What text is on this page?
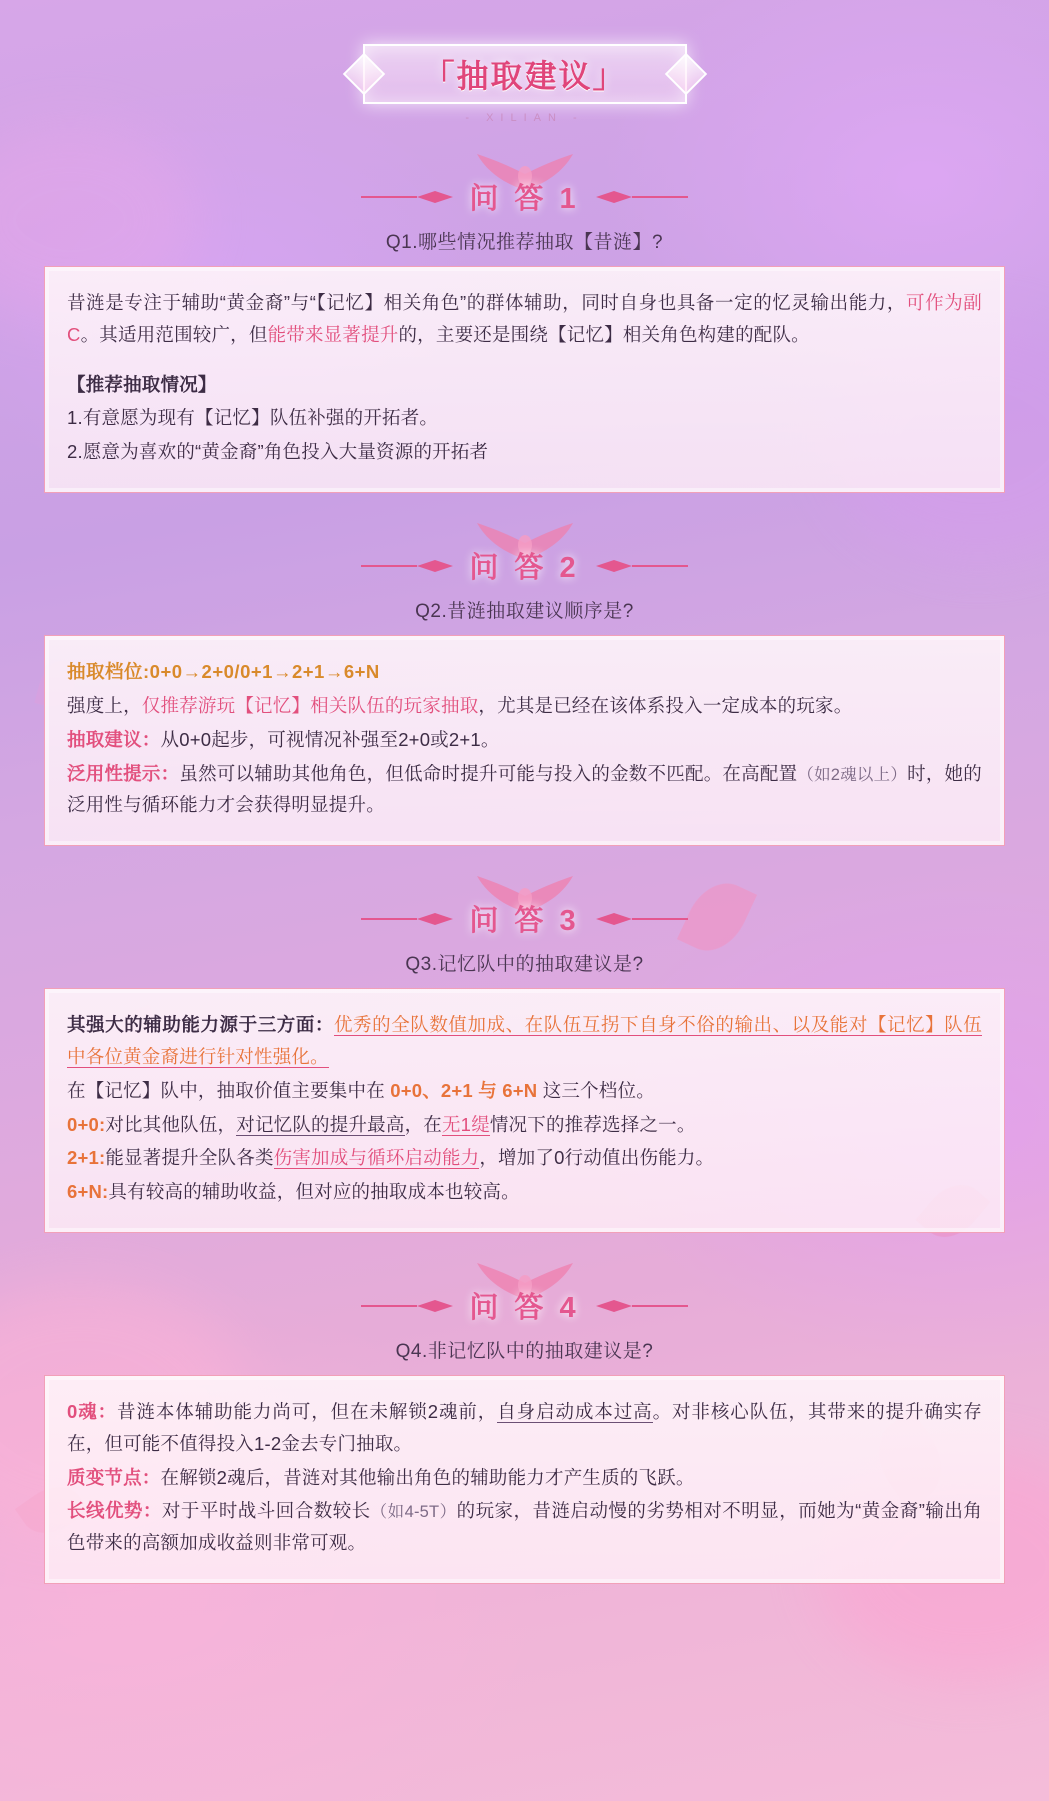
「抽取建议」
- XILIAN -
问 答 1
Q1.哪些情况推荐抽取【昔涟】?

昔涟是专注于辅助“黄金裔”与“【记忆】相关角色”的群体辅助，同时自身也具备一定的忆灵输出能力，可作为副C。其适用范围较广，但能带来显著提升的，主要还是围绕【记忆】相关角色构建的配队。

【推荐抽取情况】

1.有意愿为现有【记忆】队伍补强的开拓者。

2.愿意为喜欢的“黄金裔”角色投入大量资源的开拓者

问 答 2
Q2.昔涟抽取建议顺序是?

抽取档位:0+0→2+0/0+1→2+1→6+N

强度上，仅推荐游玩【记忆】相关队伍的玩家抽取，尤其是已经在该体系投入一定成本的玩家。

抽取建议：从0+0起步，可视情况补强至2+0或2+1。

泛用性提示：虽然可以辅助其他角色，但低命时提升可能与投入的金数不匹配。在高配置（如2魂以上）时，她的泛用性与循环能力才会获得明显提升。

问 答 3
Q3.记忆队中的抽取建议是?

其强大的辅助能力源于三方面：优秀的全队数值加成、在队伍互拐下自身不俗的输出、以及能对【记忆】队伍中各位黄金裔进行针对性强化。

在【记忆】队中，抽取价值主要集中在 0+0、2+1 与 6+N 这三个档位。

0+0:对比其他队伍，对记忆队的提升最高，在无1缇情况下的推荐选择之一。

2+1:能显著提升全队各类伤害加成与循环启动能力，增加了0行动值出伤能力。

6+N:具有较高的辅助收益，但对应的抽取成本也较高。

问 答 4
Q4.非记忆队中的抽取建议是?

0魂：昔涟本体辅助能力尚可，但在未解锁2魂前，自身启动成本过高。对非核心队伍，其带来的提升确实存在，但可能不值得投入1-2金去专门抽取。

质变节点：在解锁2魂后，昔涟对其他输出角色的辅助能力才产生质的飞跃。

长线优势：对于平时战斗回合数较长（如4-5T）的玩家，昔涟启动慢的劣势相对不明显，而她为“黄金裔”输出角色带来的高额加成收益则非常可观。
